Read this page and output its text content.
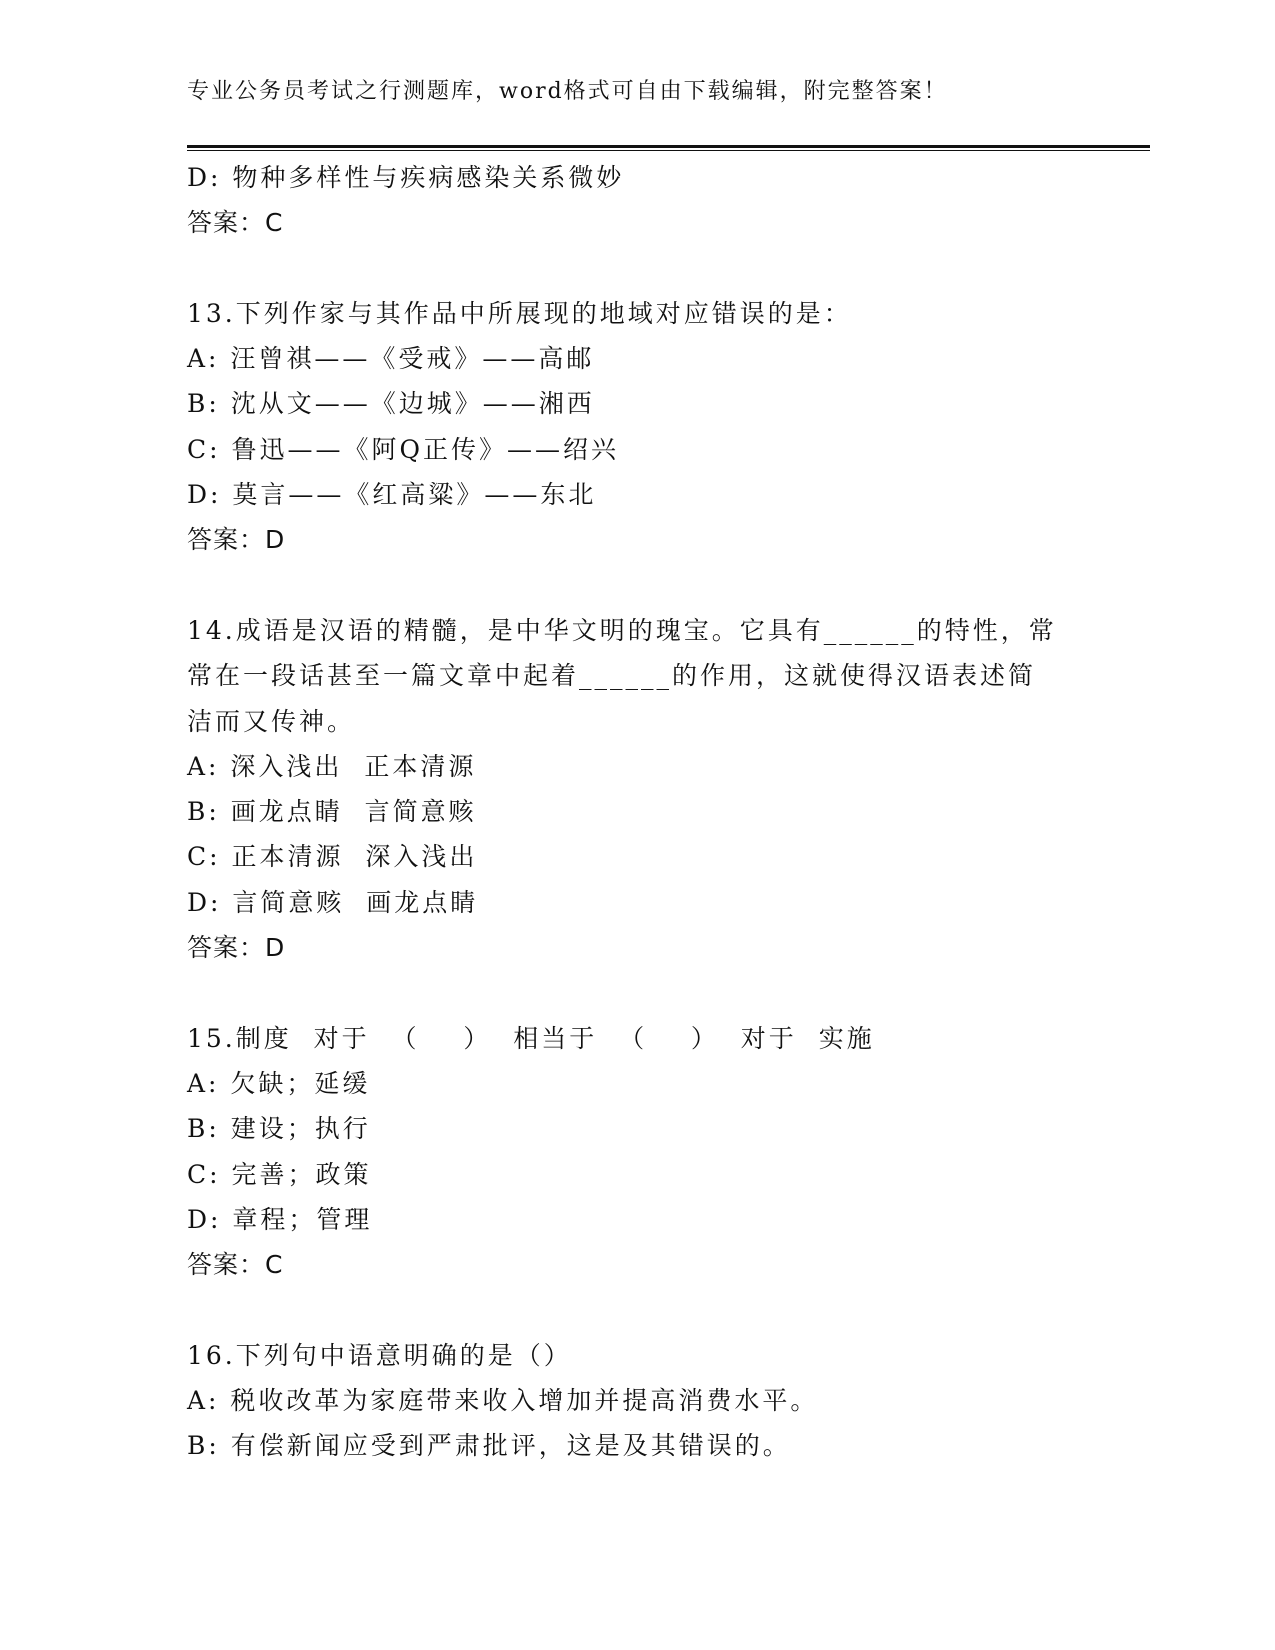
专业公务员考试之行测题库，word格式可自由下载编辑，附完整答案！
D: 物种多样性与疾病感染关系微妙
答案：C
13.下列作家与其作品中所展现的地域对应错误的是：
A: 汪曾祺——《受戒》——高邮
B: 沈从文——《边城》——湘西
C: 鲁迅——《阿Q正传》——绍兴
D: 莫言——《红高粱》——东北
答案：D
14.成语是汉语的精髓，是中华文明的瑰宝。它具有______的特性，常
常在一段话甚至一篇文章中起着______的作用，这就使得汉语表述简
洁而又传神。
A: 深入浅出  正本清源
B: 画龙点睛  言简意赅
C: 正本清源  深入浅出
D: 言简意赅  画龙点睛
答案：D
15.制度  对于  （    ）  相当于  （    ）  对于  实施
A: 欠缺；延缓
B: 建设；执行
C: 完善；政策
D: 章程；管理
答案：C
16.下列句中语意明确的是（）
A: 税收改革为家庭带来收入增加并提高消费水平。
B: 有偿新闻应受到严肃批评，这是及其错误的。
